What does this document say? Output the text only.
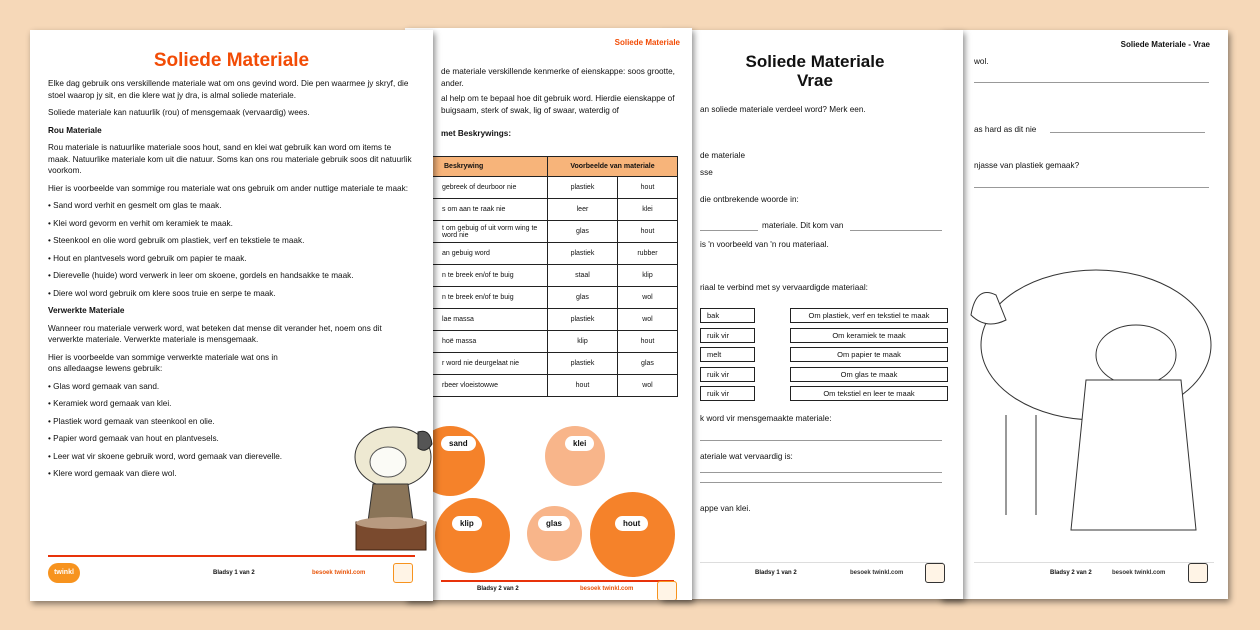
Soliede Materiale

Elke dag gebruik ons verskillende materiale wat om ons gevind word. Die pen waarmee jy skryf, die stoel waarop jy sit, en die klere wat jy dra, is almal soliede materiale.

Soliede materiale kan natuurlik (rou) of mensgemaak (vervaardig) wees.

Rou Materiale

Rou materiale is natuurlike materiale soos hout, sand en klei wat gebruik kan word om items te maak. Natuurlike materiale kom uit die natuur. Soms kan ons rou materiale gebruik soos dit natuurlik voorkom.

Hier is voorbeelde van sommige rou materiale wat ons gebruik om ander nuttige materiale te maak:

• Sand word verhit en gesmelt om glas te maak.

• Klei word gevorm en verhit om keramiek te maak.

• Steenkool en olie word gebruik om plastiek, verf en tekstiele te maak.

• Hout en plantvesels word gebruik om papier te maak.

• Dierevelle (huide) word verwerk in leer om skoene, gordels en handsakke te maak.

• Diere wol word gebruik om klere soos truie en serpe te maak.

Verwerkte Materiale

Wanneer rou materiale verwerk word, wat beteken dat mense dit verander het, noem ons dit verwerkte materiale. Verwerkte materiale is mensgemaak.

Hier is voorbeelde van sommige verwerkte materiale wat ons in ons alledaagse lewens gebruik:

• Glas word gemaak van sand.

• Keramiek word gemaak van klei.

• Plastiek word gemaak van steenkool en olie.

• Papier word gemaak van hout en plantvesels.

• Leer wat vir skoene gebruik word, word gemaak van dierevelle.

• Klere word gemaak van diere wol.

twinkl	Bladsy 1 van 2	besoek twinkl.com
Soliede Materiale

de materiale verskillende kenmerke of eienskappe: soos grootte, ander.

al help om te bepaal hoe dit gebruik word. Hierdie eienskappe of buigsaam, sterk of swak, lig of swaar, waterdig of

met Beskrywings:

Beskrywing	Voorbeelde van materiale	
gebreek of deurboor nie	plastiek	hout
s om aan te raak nie	leer	klei
t om gebuig of uit vorm wing te word nie	glas	hout
an gebuig word	plastiek	rubber
n te breek en/of te buig	staal	klip
n te breek en/of te buig	glas	wol
lae massa	plastiek	wol
hoë massa	klip	hout
r word nie deurgelaat nie	plastiek	glas
rbeer vloeistowwe	hout	wol
sand	klei
klip	glas	hout
Bladsy 2 van 2	besoek twinkl.com
Soliede Materiale
Vrae
an soliede materiale verdeel word? Merk een.
de materiale
sse
die ontbrekende woorde in:
materiale. Dit kom van
is 'n voorbeeld van 'n rou materiaal.
riaal te verbind met sy vervaardigde materiaal:
bak	Om plastiek, verf en tekstiel te maak
ruik vir	Om keramiek te maak
melt	Om papier te maak
ruik vir	Om glas te maak
ruik vir	Om tekstiel en leer te maak
k word vir mensgemaakte materiale:
ateriale wat vervaardig is:
appe van klei.
Bladsy 1 van 2	besoek twinkl.com
Soliede Materiale - Vrae
wol.
as hard as dit nie
njasse van plastiek gemaak?
Bladsy 2 van 2	besoek twinkl.com
